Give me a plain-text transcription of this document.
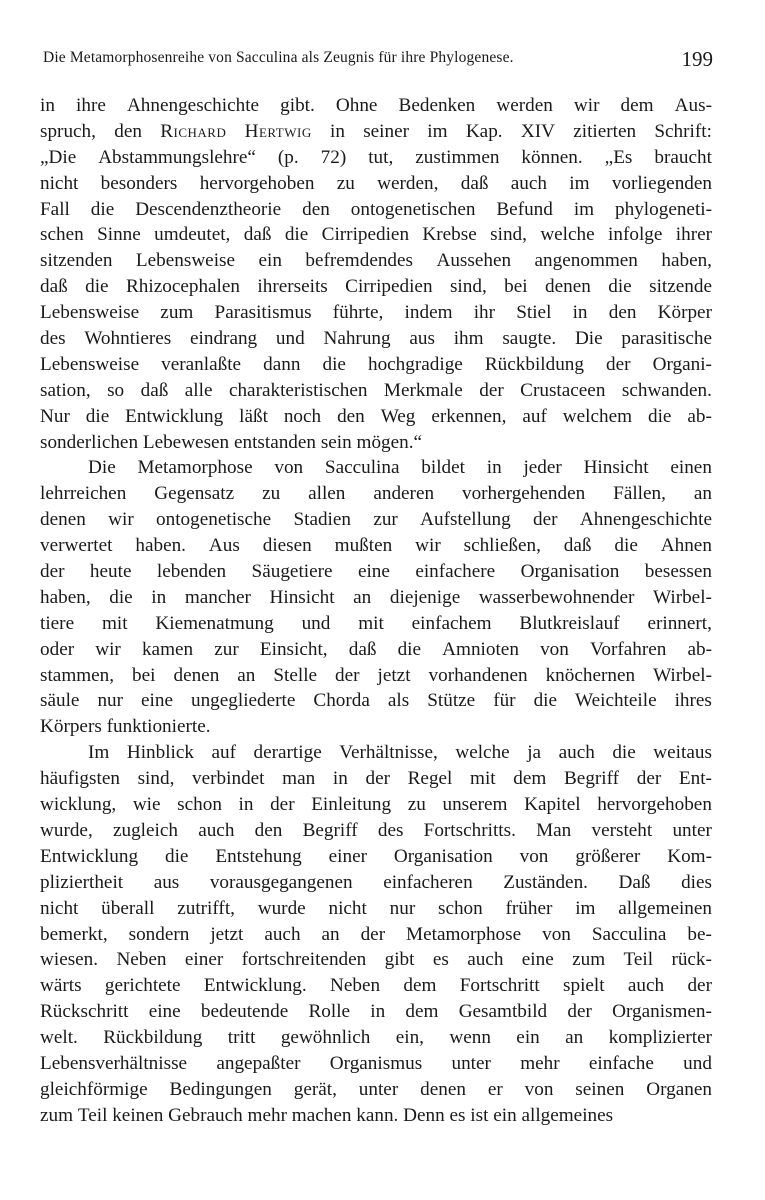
Die Metamorphosenreihe von Sacculina als Zeugnis für ihre Phylogenese.	199
in ihre Ahnengeschichte gibt. Ohne Bedenken werden wir dem Aus-
spruch, den Richard Hertwig in seiner im Kap. XIV zitierten Schrift:
„Die Abstammungslehre“ (p. 72) tut, zustimmen können. „Es braucht
nicht besonders hervorgehoben zu werden, daß auch im vorliegenden
Fall die Descendenztheorie den ontogenetischen Befund im phylogeneti-
schen Sinne umdeutet, daß die Cirripedien Krebse sind, welche infolge ihrer
sitzenden Lebensweise ein befremdendes Aussehen angenommen haben,
daß die Rhizocephalen ihrerseits Cirripedien sind, bei denen die sitzende
Lebensweise zum Parasitismus führte, indem ihr Stiel in den Körper
des Wohntieres eindrang und Nahrung aus ihm saugte. Die parasitische
Lebensweise veranlaßte dann die hochgradige Rückbildung der Organi-
sation, so daß alle charakteristischen Merkmale der Crustaceen schwanden.
Nur die Entwicklung läßt noch den Weg erkennen, auf welchem die ab-
sonderlichen Lebewesen entstanden sein mögen.“
Die Metamorphose von Sacculina bildet in jeder Hinsicht einen
lehrreichen Gegensatz zu allen anderen vorhergehenden Fällen, an
denen wir ontogenetische Stadien zur Aufstellung der Ahnengeschichte
verwertet haben. Aus diesen mußten wir schließen, daß die Ahnen
der heute lebenden Säugetiere eine einfachere Organisation besessen
haben, die in mancher Hinsicht an diejenige wasserbewohnender Wirbel-
tiere mit Kiemenatmung und mit einfachem Blutkreislauf erinnert,
oder wir kamen zur Einsicht, daß die Amnioten von Vorfahren ab-
stammen, bei denen an Stelle der jetzt vorhandenen knöchernen Wirbel-
säule nur eine ungegliederte Chorda als Stütze für die Weichteile ihres
Körpers funktionierte.
Im Hinblick auf derartige Verhältnisse, welche ja auch die weitaus
häufigsten sind, verbindet man in der Regel mit dem Begriff der Ent-
wicklung, wie schon in der Einleitung zu unserem Kapitel hervorgehoben
wurde, zugleich auch den Begriff des Fortschritts. Man versteht unter
Entwicklung die Entstehung einer Organisation von größerer Kom-
pliziertheit aus vorausgegangenen einfacheren Zuständen. Daß dies
nicht überall zutrifft, wurde nicht nur schon früher im allgemeinen
bemerkt, sondern jetzt auch an der Metamorphose von Sacculina be-
wiesen. Neben einer fortschreitenden gibt es auch eine zum Teil rück-
wärts gerichtete Entwicklung. Neben dem Fortschritt spielt auch der
Rückschritt eine bedeutende Rolle in dem Gesamtbild der Organismen-
welt. Rückbildung tritt gewöhnlich ein, wenn ein an komplizierter
Lebensverhältnisse angepaßter Organismus unter mehr einfache und
gleichförmige Bedingungen gerät, unter denen er von seinen Organen
zum Teil keinen Gebrauch mehr machen kann. Denn es ist ein allgemeines
